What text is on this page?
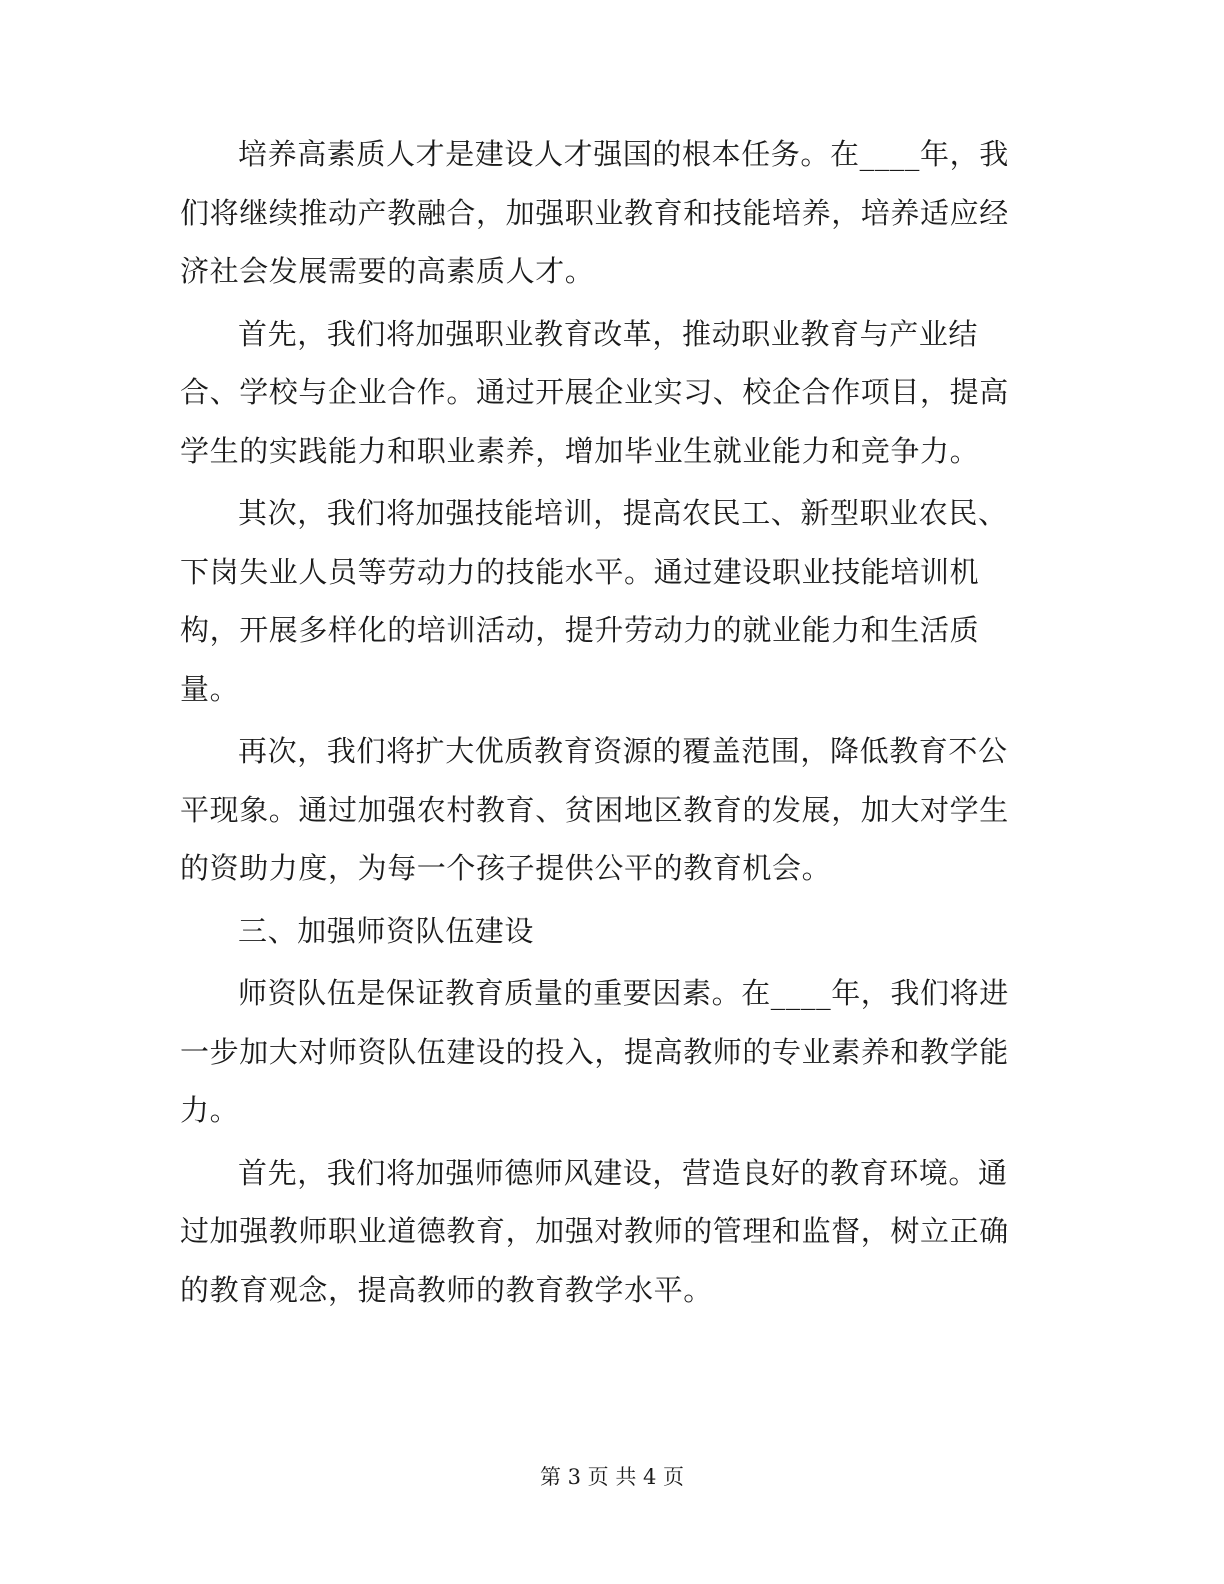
培养高素质人才是建设人才强国的根本任务。在____年，我们将继续推动产教融合，加强职业教育和技能培养，培养适应经济社会发展需要的高素质人才。

首先，我们将加强职业教育改革，推动职业教育与产业结合、学校与企业合作。通过开展企业实习、校企合作项目，提高学生的实践能力和职业素养，增加毕业生就业能力和竞争力。

其次，我们将加强技能培训，提高农民工、新型职业农民、下岗失业人员等劳动力的技能水平。通过建设职业技能培训机构，开展多样化的培训活动，提升劳动力的就业能力和生活质量。

再次，我们将扩大优质教育资源的覆盖范围，降低教育不公平现象。通过加强农村教育、贫困地区教育的发展，加大对学生的资助力度，为每一个孩子提供公平的教育机会。

三、加强师资队伍建设

师资队伍是保证教育质量的重要因素。在____年，我们将进一步加大对师资队伍建设的投入，提高教师的专业素养和教学能力。

首先，我们将加强师德师风建设，营造良好的教育环境。通过加强教师职业道德教育，加强对教师的管理和监督，树立正确的教育观念，提高教师的教育教学水平。

第 3 页 共 4 页
